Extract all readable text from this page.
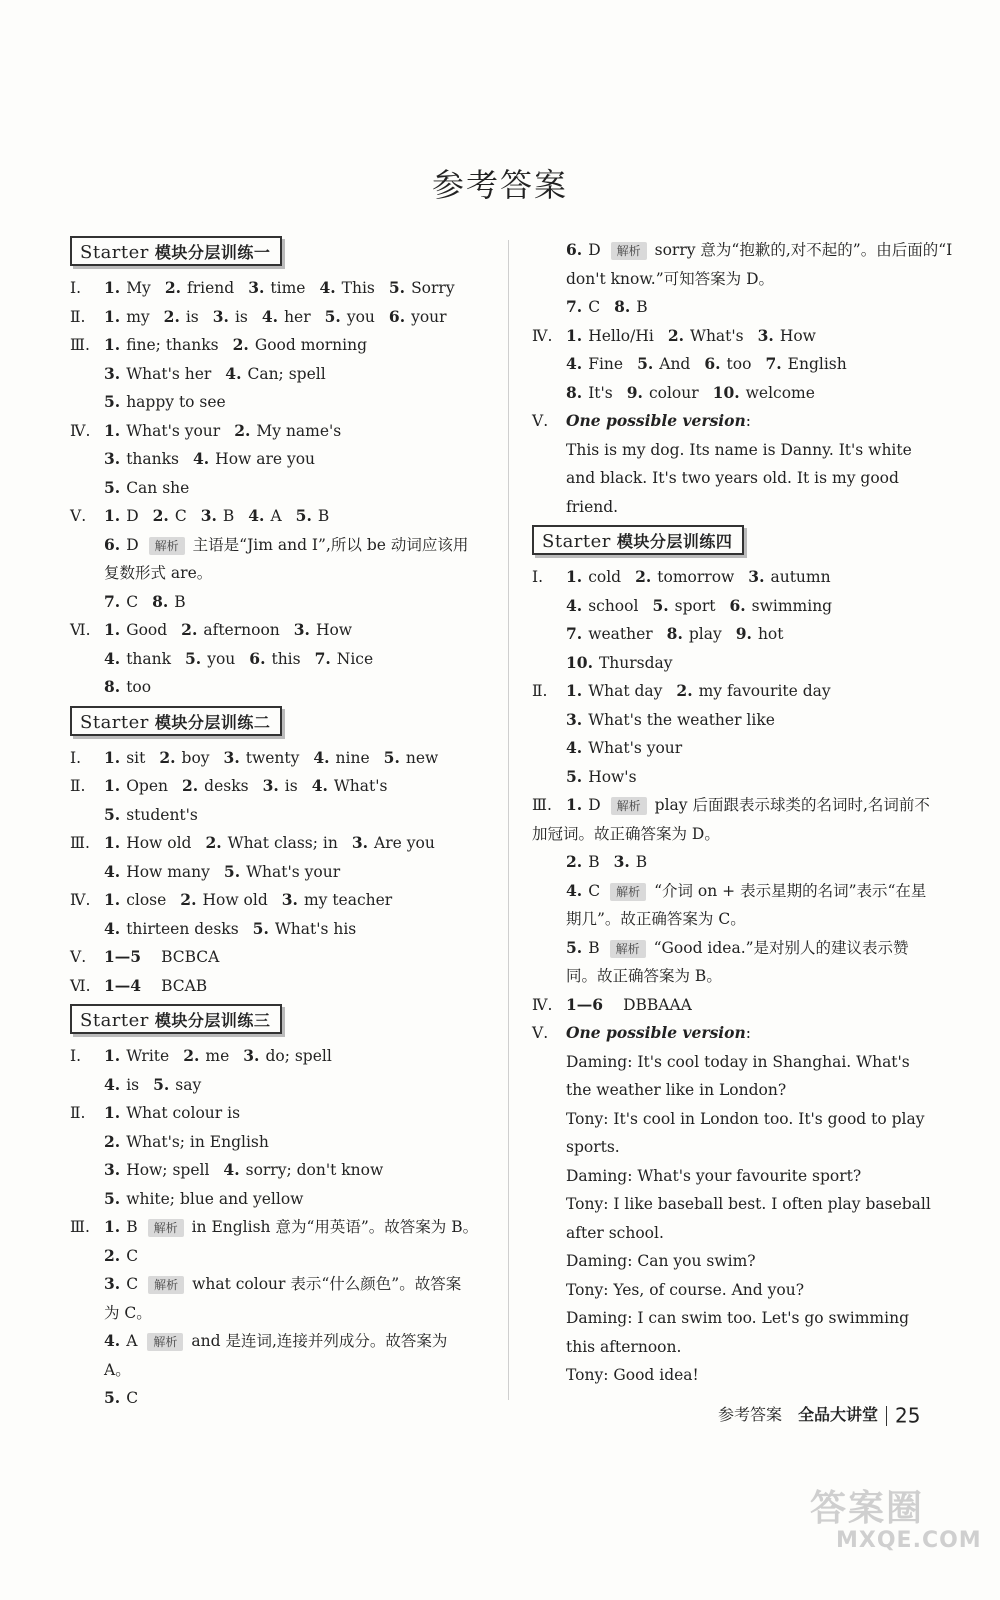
参考答案
Starter 模块分层训练一
Ⅰ. 1. My 2. friend 3. time 4. This 5. Sorry
Ⅱ. 1. my 2. is 3. is 4. her 5. you 6. your
Ⅲ. 1. fine; thanks 2. Good morning
3. What's her 4. Can; spell
5. happy to see
Ⅳ. 1. What's your 2. My name's
3. thanks 4. How are you
5. Can she
Ⅴ. 1. D 2. C 3. B 4. A 5. B
6. D 解析 主语是“Jim and I”,所以 be 动词应该用复数形式 are。
7. C 8. B
Ⅵ. 1. Good 2. afternoon 3. How
4. thank 5. you 6. this 7. Nice
8. too
Starter 模块分层训练二
Ⅰ. 1. sit 2. boy 3. twenty 4. nine 5. new
Ⅱ. 1. Open 2. desks 3. is 4. What's
5. student's
Ⅲ. 1. How old 2. What class; in 3. Are you
4. How many 5. What's your
Ⅳ. 1. close 2. How old 3. my teacher
4. thirteen desks 5. What's his
Ⅴ. 1—5 BCBCA
Ⅵ. 1—4 BCAB
Starter 模块分层训练三
Ⅰ. 1. Write 2. me 3. do; spell
4. is 5. say
Ⅱ. 1. What colour is
2. What's; in English
3. How; spell 4. sorry; don't know
5. white; blue and yellow
Ⅲ. 1. B 解析 in English 意为“用英语”。故答案为 B。
2. C
3. C 解析 what colour 表示“什么颜色”。故答案为 C。
4. A 解析 and 是连词,连接并列成分。故答案为 A。
5. C
6. D 解析 sorry 意为“抱歉的,对不起的”。由后面的“I don't know.”可知答案为 D。
7. C 8. B
Ⅳ. 1. Hello/Hi 2. What's 3. How
4. Fine 5. And 6. too 7. English
8. It's 9. colour 10. welcome
Ⅴ. One possible version:
This is my dog. Its name is Danny. It's white and black. It's two years old. It is my good friend.
Starter 模块分层训练四
Ⅰ. 1. cold 2. tomorrow 3. autumn
4. school 5. sport 6. swimming
7. weather 8. play 9. hot
10. Thursday
Ⅱ. 1. What day 2. my favourite day
3. What's the weather like
4. What's your
5. How's
Ⅲ. 1. D 解析 play 后面跟表示球类的名词时,名词前不加冠词。故正确答案为 D。
2. B 3. B
4. C 解析 “介词 on + 表示星期的名词”表示“在星期几”。故正确答案为 C。
5. B 解析 “Good idea.”是对别人的建议表示赞同。故正确答案为 B。
Ⅳ. 1—6 DBBAAA
Ⅴ. One possible version:
Daming: It's cool today in Shanghai. What's the weather like in London?
Tony: It's cool in London too. It's good to play sports.
Daming: What's your favourite sport?
Tony: I like baseball best. I often play baseball after school.
Daming: Can you swim?
Tony: Yes, of course. And you?
Daming: I can swim too. Let's go swimming this afternoon.
Tony: Good idea!
参考答案 全品大讲堂 25
答案圈
MXQE.COM
